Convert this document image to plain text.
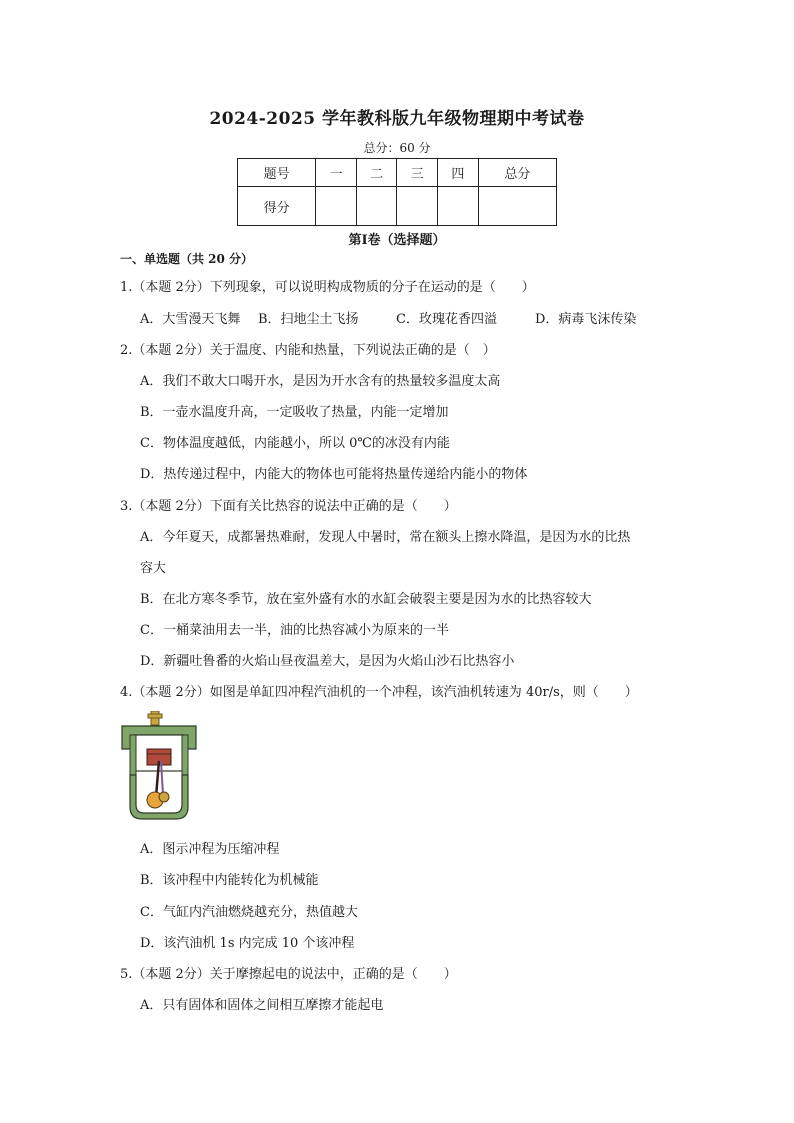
2024-2025 学年教科版九年级物理期中考试卷
总分：60 分
题号	一	二	三	四	总分
得分					
第Ⅰ卷（选择题）
一、单选题（共 20 分）
1.（本题 2分）下列现象，可以说明构成物质的分子在运动的是（　　）
A．大雪漫天飞舞 B．扫地尘土飞扬	C．玫瑰花香四溢	D．病毒飞沫传染
2.（本题 2分）关于温度、内能和热量，下列说法正确的是（　）
A．我们不敢大口喝开水，是因为开水含有的热量较多温度太高
B．一壶水温度升高，一定吸收了热量，内能一定增加
C．物体温度越低，内能越小，所以 0℃的冰没有内能
D．热传递过程中，内能大的物体也可能将热量传递给内能小的物体
3.（本题 2分）下面有关比热容的说法中正确的是（　　）
A．今年夏天，成都暑热难耐，发现人中暑时，常在额头上擦水降温，是因为水的比热
容大
B．在北方寒冬季节，放在室外盛有水的水缸会破裂主要是因为水的比热容较大
C．一桶菜油用去一半，油的比热容减小为原来的一半
D．新疆吐鲁番的火焰山昼夜温差大，是因为火焰山沙石比热容小
4.（本题 2分）如图是单缸四冲程汽油机的一个冲程，该汽油机转速为 40r/s，则（　　）
A．图示冲程为压缩冲程
B．该冲程中内能转化为机械能
C．气缸内汽油燃烧越充分，热值越大
D．该汽油机 1s 内完成 10 个该冲程
5.（本题 2分）关于摩擦起电的说法中，正确的是（　　）
A．只有固体和固体之间相互摩擦才能起电
